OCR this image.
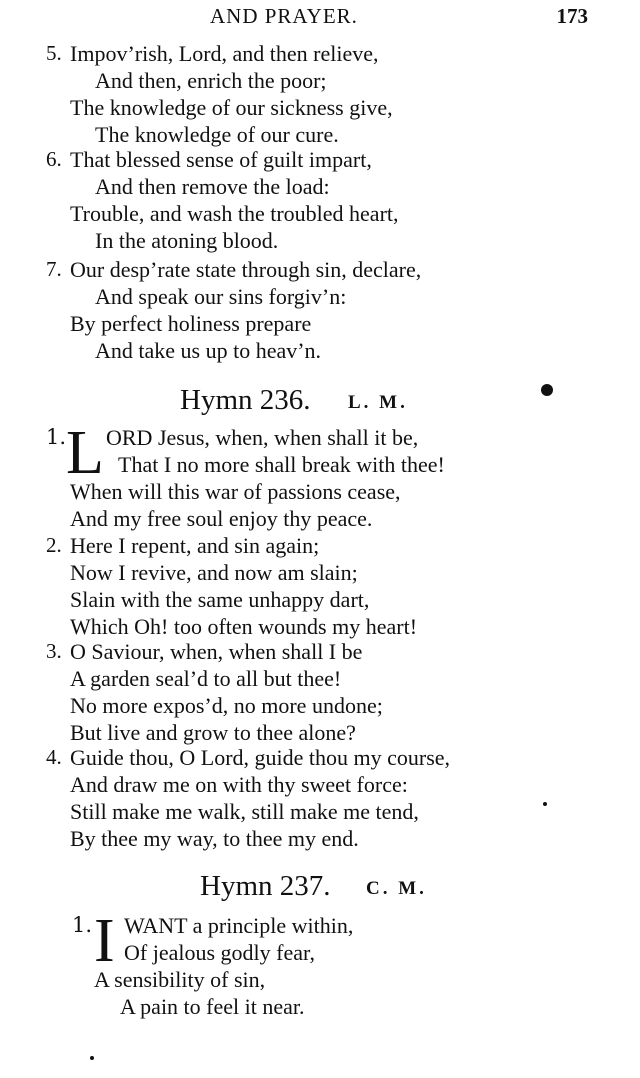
AND PRAYER.	173
5. Impov’rish, Lord, and then relieve,
And then, enrich the poor;
The knowledge of our sickness give,
The knowledge of our cure.
6. That blessed sense of guilt impart,
And then remove the load:
Trouble, and wash the troubled heart,
In the atoning blood.
7. Our desp’rate state through sin, declare,
And speak our sins forgiv’n:
By perfect holiness prepare
And take us up to heav’n.
Hymn 236. L. M.
1. L ORD Jesus, when, when shall it be,
That I no more shall break with thee!
When will this war of passions cease,
And my free soul enjoy thy peace.
2. Here I repent, and sin again;
Now I revive, and now am slain;
Slain with the same unhappy dart,
Which Oh! too often wounds my heart!
3. O Saviour, when, when shall I be
A garden seal’d to all but thee!
No more expos’d, no more undone;
But live and grow to thee alone?
4. Guide thou, O Lord, guide thou my course,
And draw me on with thy sweet force:
Still make me walk, still make me tend,
By thee my way, to thee my end.
Hymn 237. C. M.
1. I WANT a principle within,
Of jealous godly fear,
A sensibility of sin,
A pain to feel it near.
